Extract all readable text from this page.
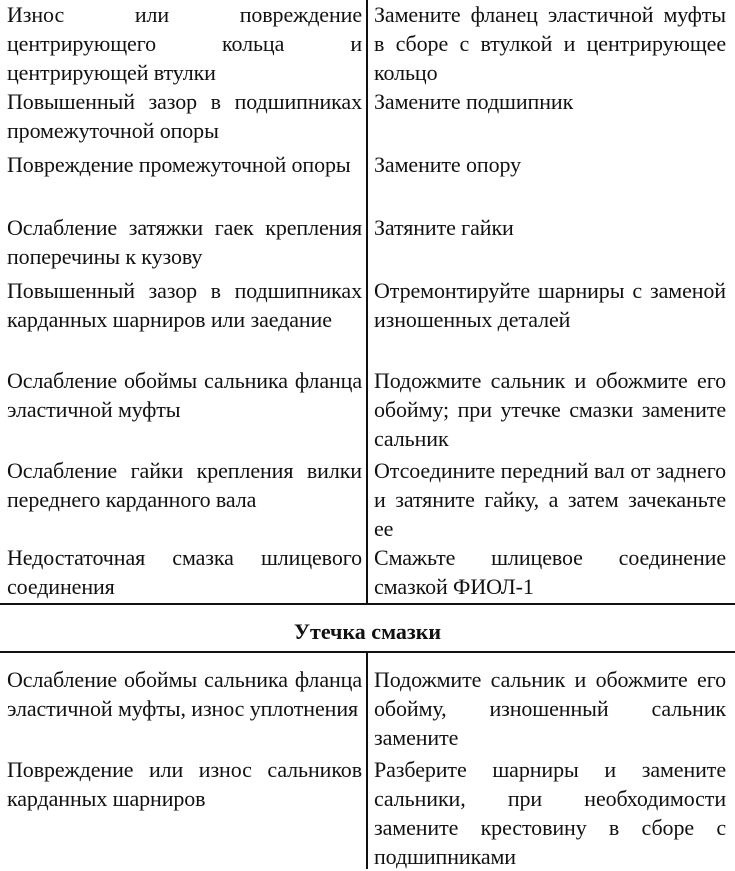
Износ или повреждение центрирующего кольца и центрирующей втулки
Замените фланец эластичной муфты в сборе с втулкой и центрирующее кольцо
Повышенный зазор в подшипниках промежуточной опоры
Замените подшипник
Повреждение промежуточной опоры	Замените опору
Ослабление затяжки гаек крепления поперечины к кузову
Затяните гайки
Повышенный зазор в подшипниках карданных шарниров или заедание
Отремонтируйте шарниры с заменой изношенных деталей
Ослабление обоймы сальника фланца эластичной муфты
Подожмите сальник и обожмите его обойму; при утечке смазки замените сальник
Ослабление гайки крепления вилки переднего карданного вала
Отсоедините передний вал от заднего и затяните гайку, а затем зачеканьте ее
Недостаточная смазка шлицевого соединения
Смажьте шлицевое соединение смазкой ФИОЛ-1
Утечка смазки
Ослабление обоймы сальника фланца эластичной муфты, износ уплотнения
Подожмите сальник и обожмите его обойму, изношенный сальник замените
Повреждение или износ сальников карданных шарниров
Разберите шарниры и замените сальники, при необходимости замените крестовину в сборе с подшипниками
